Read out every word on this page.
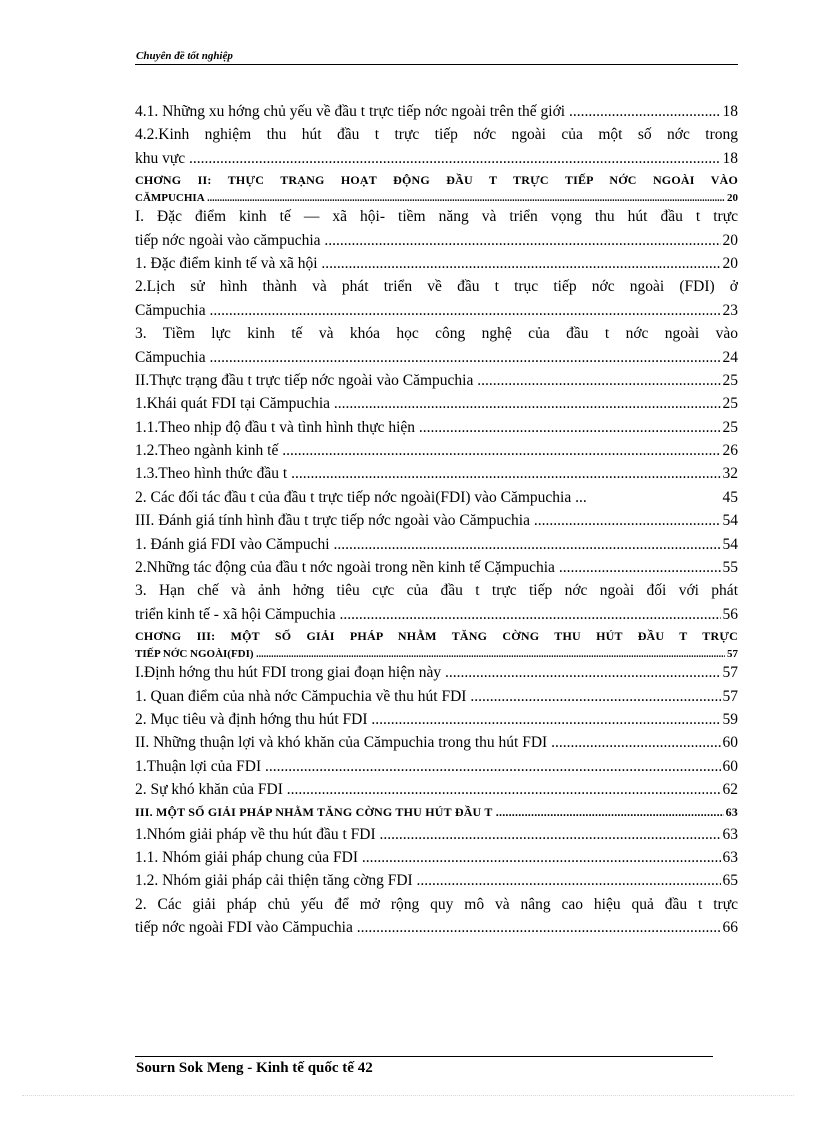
Chuyên đề tốt nghiệp
4.1. Những xu hớng chủ yếu về đầu t trực tiếp nớc ngoài trên thế giới	18
.....
4.2.Kinh nghiệm thu hút đầu t trực tiếp nớc ngoài của một số nớc trong
khu vực	18
.....
CHƠNG II: THỰC TRẠNG HOẠT ĐỘNG ĐẦU T TRỰC TIẾP NỚC NGOÀI VÀO
CĂMPUCHIA	20
.....
I. Đặc điểm kinh tế — xã hội- tiềm năng và triển vọng thu hút đầu t trực
tiếp nớc ngoài vào cămpuchia	20
.....
1. Đặc điểm kinh tế và xã hội	20
.....
2.Lịch sử hình thành và phát triển về đầu t trục tiếp nớc ngoài (FDI) ở
Cămpuchia	23
.....
3. Tiềm lực kinh tế và khóa học công nghệ của đầu t nớc ngoài vào
Cămpuchia	24
.....
II.Thực trạng đầu t trực tiếp nớc ngoài vào Cămpuchia	25
.....
1.Khái quát FDI tại Cămpuchia	25
.....
1.1.Theo nhịp độ đầu t và tình hình thực hiện	25
.....
1.2.Theo ngành kinh tế	26
.....
1.3.Theo hình thức đầu t	32
.....
2. Các đối tác đầu t của đầu t trực tiếp nớc ngoài(FDI) vào Cămpuchia ...	45
III. Đánh giá tính hình đầu t trực tiếp nớc ngoài vào Cămpuchia	54
.....
1. Đánh giá FDI vào Cămpuchi	54
.....
2.Những tác động của đầu t nớc ngoài trong nền kinh tế Cặmpuchia	55
.....
3. Hạn chế và ảnh hởng tiêu cực của đầu t trực tiếp nớc ngoài đối với phát
triển kinh tế - xã hội Cămpuchia	56
.....
CHƠNG III: MỘT SỐ GIẢI PHÁP NHẰM TĂNG CỜNG THU HÚT ĐẦU T TRỰC
TIẾP NỚC NGOÀI(FDI)	57
.....
I.Định hớng thu hút FDI trong giai đoạn hiện này	57
.....
1. Quan điểm của nhà nớc Cămpuchia về thu hút FDI	57
.....
2. Mục tiêu và định hớng thu hút FDI	59
.....
II. Những thuận lợi và khó khăn của Cămpuchia trong thu hút FDI	60
.....
1.Thuận lợi của FDI	60
.....
2. Sự khó khăn của FDI	62
.....
III. MỘT SỐ GIẢI PHÁP NHẰM TĂNG CỜNG THU HÚT ĐẦU T	63
.....
1.Nhóm giải pháp về thu hút đầu t FDI	63
.....
1.1. Nhóm giải pháp chung của FDI	63
.....
1.2. Nhóm giải pháp cải thiện tăng cờng FDI	65
.....
2. Các giải pháp chủ yếu để mở rộng quy mô và nâng cao hiệu quả đầu t trực
tiếp nớc ngoài FDI vào Cămpuchia	66
.....
Sourn Sok Meng - Kinh tế quốc tế 42
